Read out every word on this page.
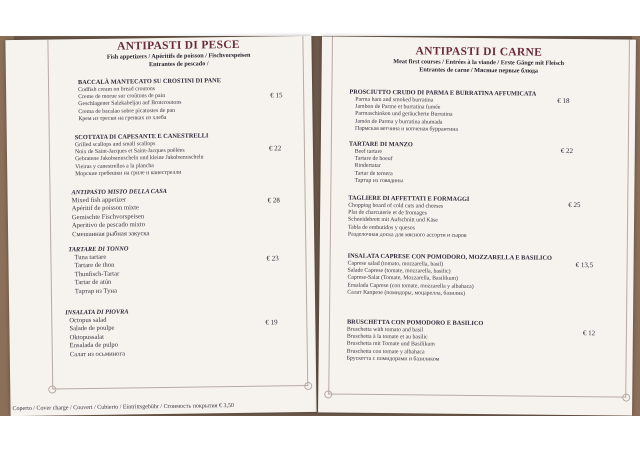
ANTIPASTI DI PESCE
Fish appetizers / Apéritifs de poisson / Fischvorspeisen
Entrantes de pescado /
BACCALÀ MANTECATO SU CROSTINI DI PANE
Codfish cream on bread croutons
Creme de morue sur croûtons de pain
Geschlagener Salzkabeljau auf Brotcroutons
Crema de bacalao sobre picatostes de pan
Крем из трески на гренках из хлеба
€ 15
SCOTTATA DI CAPESANTE E CANESTRELLI
Grilled scallops and small scallops
Noix de Saint-Jacques et Saint-Jacques poêlées
Gebratene Jakobsmuscheln und kleine Jakobsmuscheln
Vieiras y canestrellos a la plancha
Морские гребешки на гриле и канестрелли
€ 22
ANTIPASTO MISTO DELLA CASA
Mixed fish appetizer
Apéritif de poisson mixte
Gemischte Fischvorspeisen
Aperitivo de pescado mixto
Смешанная рыбная закуска
€ 28
TARTARE DI TONNO
Tuna tartare
Tartare de thon
Thunfisch-Tartar
Tartar de atún
Тартар из Туна
€ 23
INSALATA DI PIOVRA
Octopus salad
Salade de poulpe
Oktopussalat
Ensalada de pulpo
Салат из осьминога
€ 19
Coperto / Cover charge / Couvert / Cubierto / Eintrittsgebühr / Стоимость покрытия € 3,50
ANTIPASTI DI CARNE
Meat first courses / Entrées à la viande / Erste Gänge mit Fleisch
Entrantes de carne / Мясные первые блюда
PROSCIUTTO CRUDO DI PARMA E BURRATINA AFFUMICATA
Parma ham and smoked burratina
Jambon de Parme et burratina fumée
Parmaschinken und geräucherte Burratina
Jamón de Parma y burratina ahumada
Пармская ветчина и копченая буррантина
€ 18
TARTARE DI MANZO
Beef tartare
Tartare de boeuf
Rindertatar
Tartar de ternera
Тартар из говядины
€ 22
TAGLIERE DI AFFETTATI E FORMAGGI
Chopping board of cold cuts and cheeses
Plat de charcuterie et de fromages
Schneidebrett mit Aufschnitt und Käse
Tabla de embutidos y quesos
Разделочная доска для мясного ассорти и сыров
€ 25
INSALATA CAPRESE CON POMODORO, MOZZARELLA E BASILICO
Caprese salad (tomato, mozzarella, basil)
Salade Caprese (tomate, mozzarella, basilic)
Caprese-Salat (Tomate, Mozzarella, Basilikum)
Ensalada Caprese (con tomate, mozzarella y albahaca)
Салат Капрезе (помидоры, моцарелла, базилик)
€ 13,5
BRUSCHETTA CON POMODORO E BASILICO
Bruschetta with tomato and basil
Bruschetta à la tomate et au basilic
Bruschetta mit Tomate und Basilikum
Bruschetta con tomate y albahaca
Брускетта с помидорами и базиликом
€ 12
